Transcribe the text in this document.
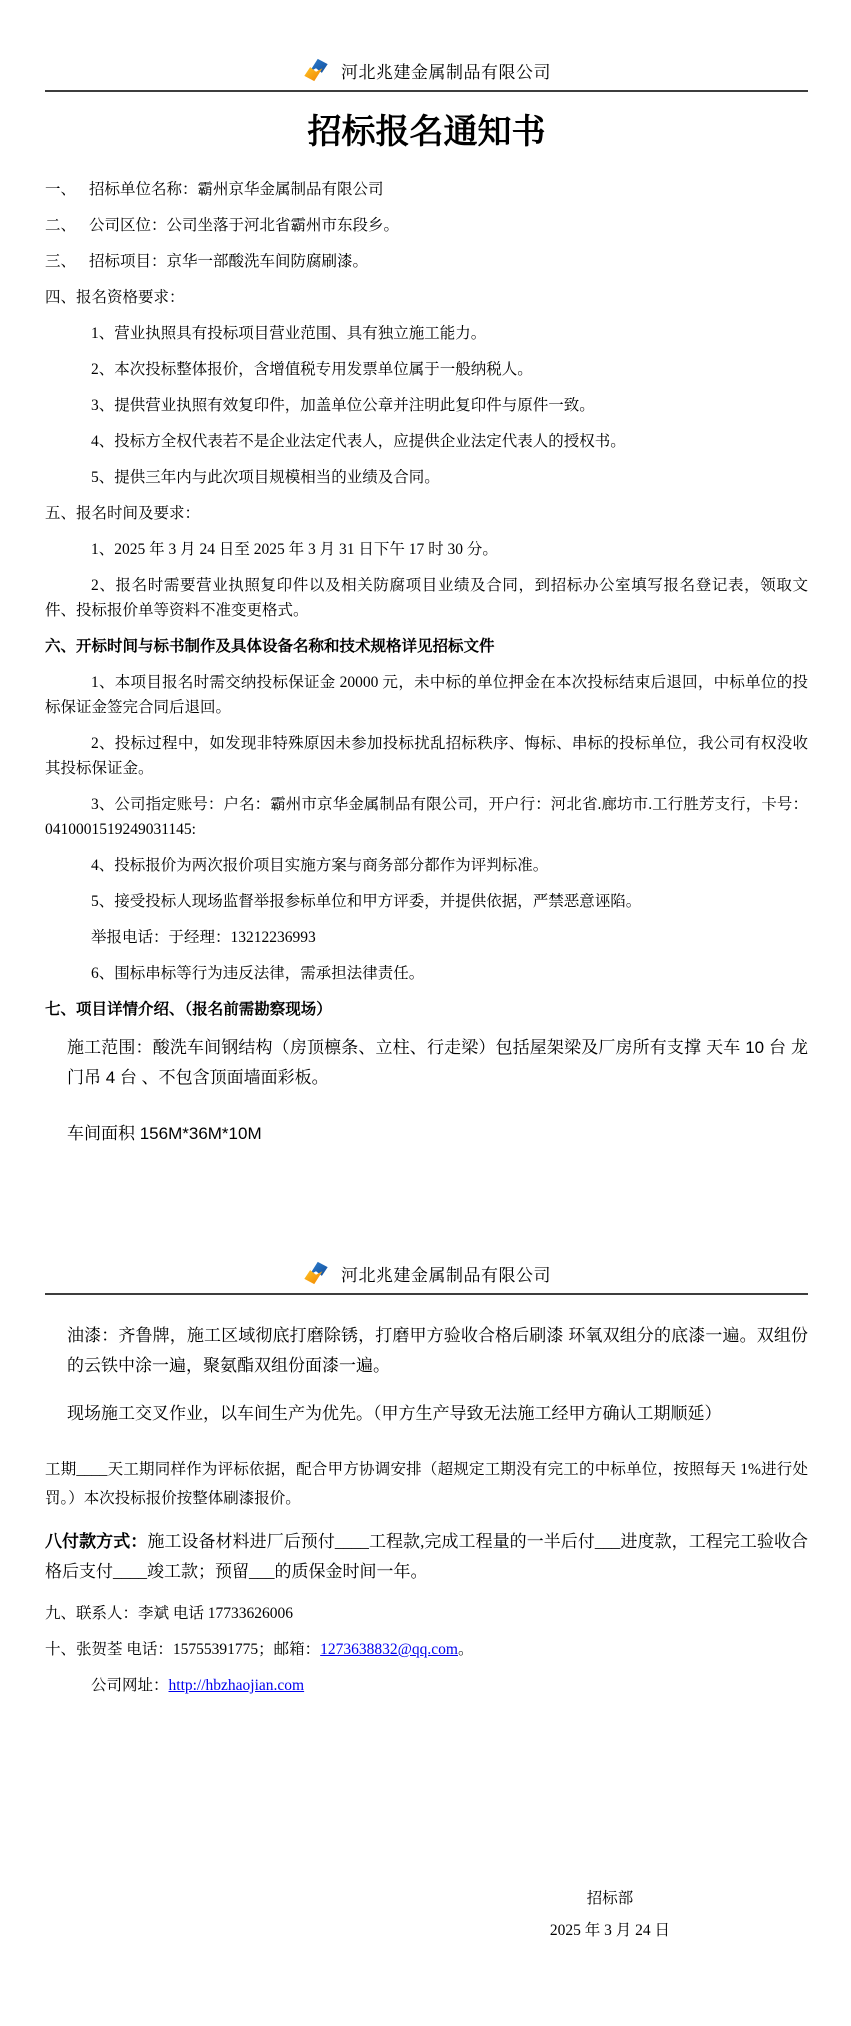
河北兆建金属制品有限公司
招标报名通知书

一、 招标单位名称：霸州京华金属制品有限公司

二、 公司区位：公司坐落于河北省霸州市东段乡。

三、 招标项目：京华一部酸洗车间防腐刷漆。

四、报名资格要求：

1、营业执照具有投标项目营业范围、具有独立施工能力。

2、本次投标整体报价，含增值税专用发票单位属于一般纳税人。

3、提供营业执照有效复印件，加盖单位公章并注明此复印件与原件一致。

4、投标方全权代表若不是企业法定代表人，应提供企业法定代表人的授权书。

5、提供三年内与此次项目规模相当的业绩及合同。

五、报名时间及要求：

1、2025 年 3 月 24 日至 2025 年 3 月 31 日下午 17 时 30 分。

2、报名时需要营业执照复印件以及相关防腐项目业绩及合同，到招标办公室填写报名登记表，领取文件、投标报价单等资料不准变更格式。

六、开标时间与标书制作及具体设备名称和技术规格详见招标文件

1、本项目报名时需交纳投标保证金 20000 元，未中标的单位押金在本次投标结束后退回，中标单位的投标保证金签完合同后退回。

2、投标过程中，如发现非特殊原因未参加投标扰乱招标秩序、悔标、串标的投标单位，我公司有权没收其投标保证金。

3、公司指定账号：户名：霸州市京华金属制品有限公司，开户行：河北省.廊坊市.工行胜芳支行，卡号：0410001519249031145:

4、投标报价为两次报价项目实施方案与商务部分都作为评判标准。

5、接受投标人现场监督举报参标单位和甲方评委，并提供依据，严禁恶意诬陷。

举报电话：于经理：13212236993

6、围标串标等行为违反法律，需承担法律责任。

七、项目详情介绍、（报名前需勘察现场）

施工范围：酸洗车间钢结构（房顶檩条、立柱、行走梁）包括屋架梁及厂房所有支撑 天车 10 台 龙门吊 4 台 、不包含顶面墙面彩板。

车间面积 156M*36M*10M

河北兆建金属制品有限公司

油漆：齐鲁牌，施工区域彻底打磨除锈，打磨甲方验收合格后刷漆 环氧双组分的底漆一遍。双组份的云铁中涂一遍，聚氨酯双组份面漆一遍。

现场施工交叉作业，以车间生产为优先。（甲方生产导致无法施工经甲方确认工期顺延）

工期____天工期同样作为评标依据，配合甲方协调安排（超规定工期没有完工的中标单位，按照每天 1%进行处罚。）本次投标报价按整体刷漆报价。

八付款方式：施工设备材料进厂后预付____工程款,完成工程量的一半后付___进度款，工程完工验收合格后支付____竣工款；预留___的质保金时间一年。

九、联系人：李斌 电话 17733626006

十、张贺荃 电话：15755391775；邮箱：1273638832@qq.com。

公司网址：http://hbzhaojian.com

招标部

2025 年 3 月 24 日
